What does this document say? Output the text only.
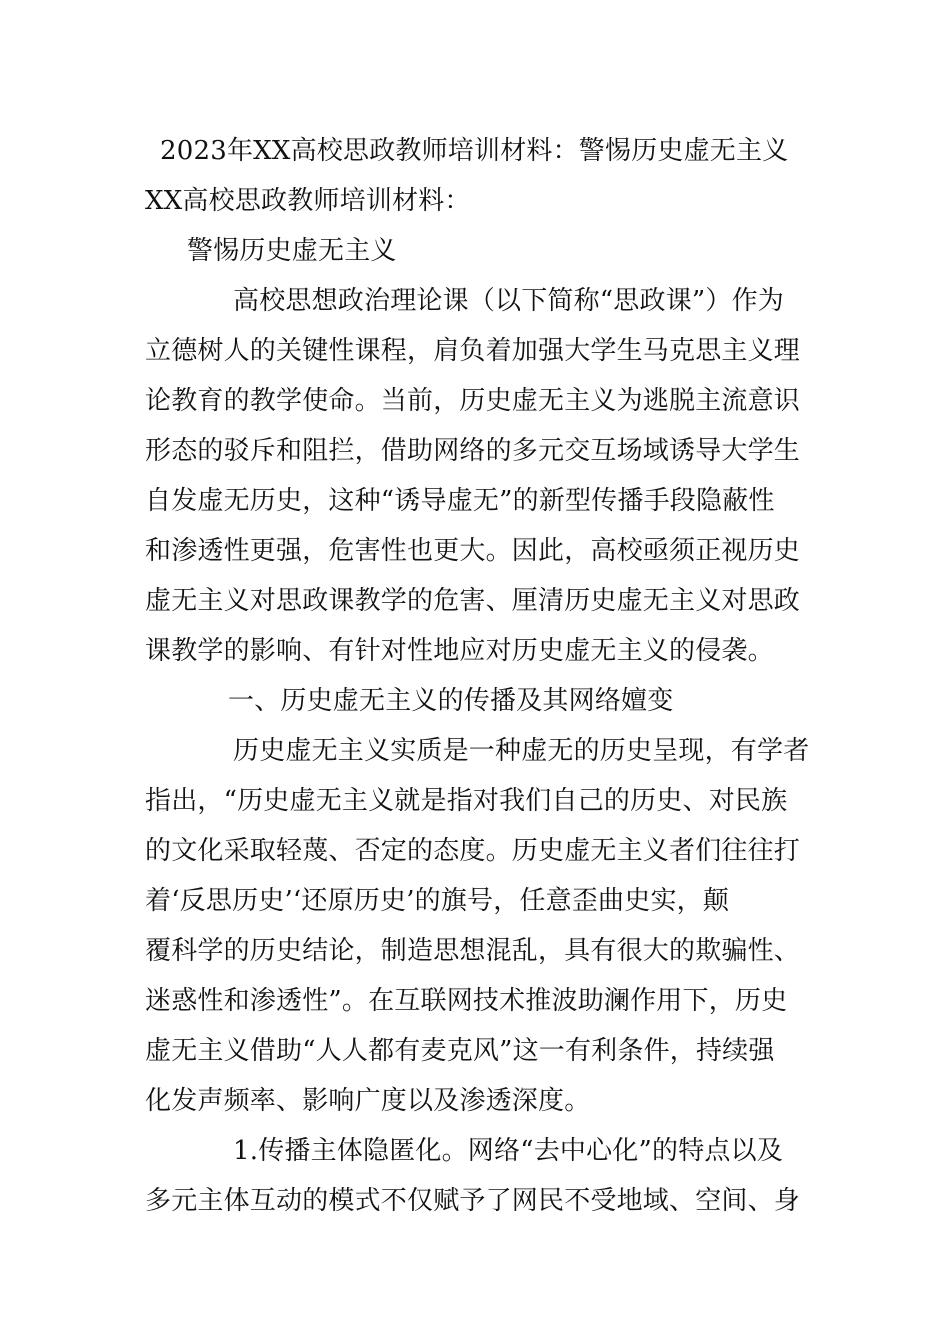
2023年XX高校思政教师培训材料：警惕历史虚无主义
XX高校思政教师培训材料：
警惕历史虚无主义
高校思想政治理论课（以下简称“思政课”）作为
立德树人的关键性课程，肩负着加强大学生马克思主义理
论教育的教学使命。当前，历史虚无主义为逃脱主流意识
形态的驳斥和阻拦，借助网络的多元交互场域诱导大学生
自发虚无历史，这种“诱导虚无”的新型传播手段隐蔽性
和渗透性更强，危害性也更大。因此，高校亟须正视历史
虚无主义对思政课教学的危害、厘清历史虚无主义对思政
课教学的影响、有针对性地应对历史虚无主义的侵袭。
一、历史虚无主义的传播及其网络嬗变
历史虚无主义实质是一种虚无的历史呈现，有学者
指出，“历史虚无主义就是指对我们自己的历史、对民族
的文化采取轻蔑、否定的态度。历史虚无主义者们往往打
着‘反思历史’‘还原历史’的旗号，任意歪曲史实，颠
覆科学的历史结论，制造思想混乱，具有很大的欺骗性、
迷惑性和渗透性”。在互联网技术推波助澜作用下，历史
虚无主义借助“人人都有麦克风”这一有利条件，持续强
化发声频率、影响广度以及渗透深度。
1.传播主体隐匿化。网络“去中心化”的特点以及
多元主体互动的模式不仅赋予了网民不受地域、空间、身
